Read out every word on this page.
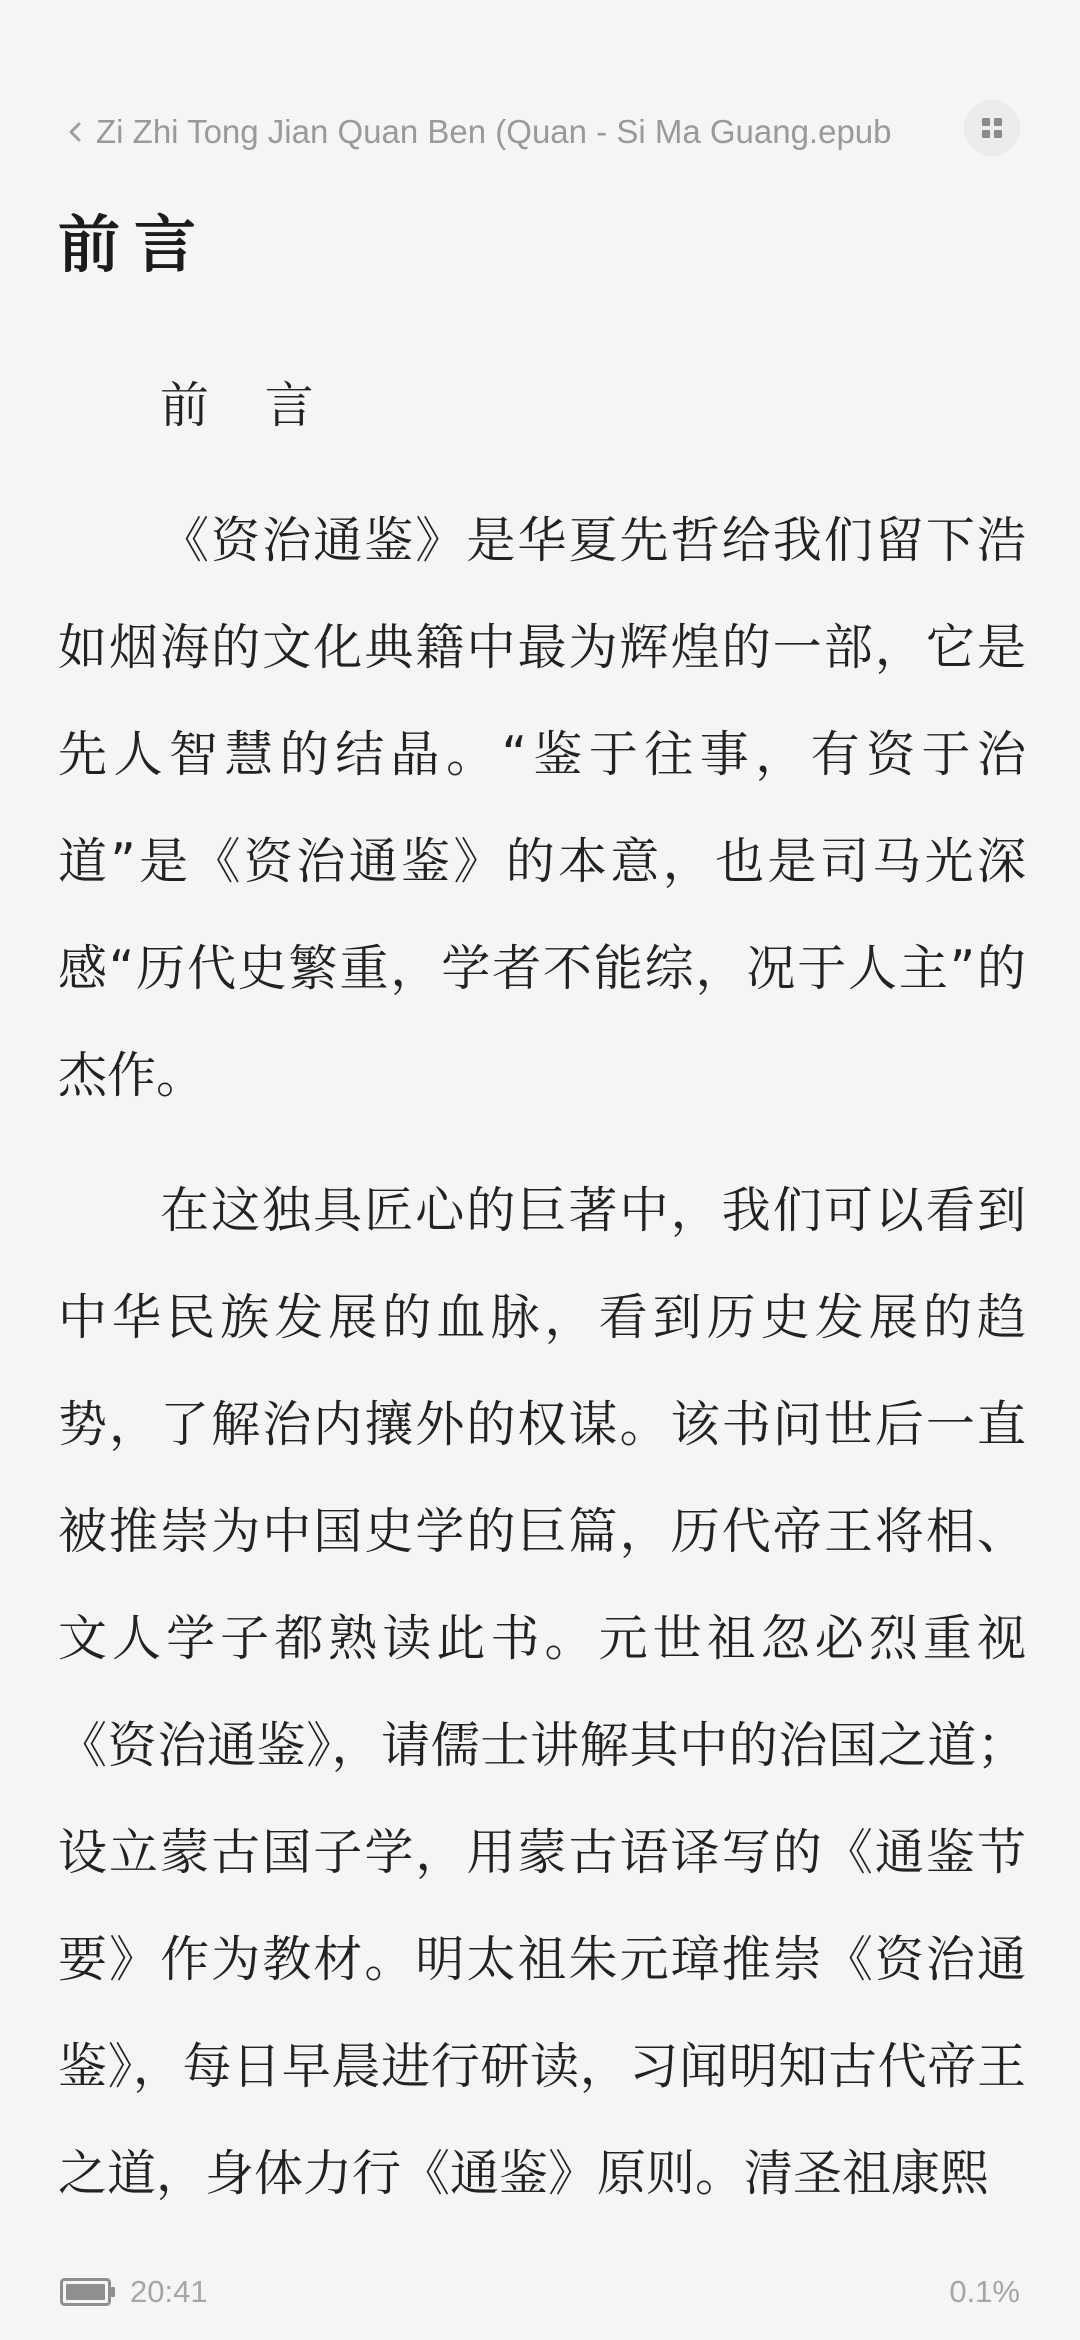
Zi Zhi Tong Jian Quan Ben (Quan - Si Ma Guang.epub
前言
前 言

《资治通鉴》是华夏先哲给我们留下浩如烟海的文化典籍中最为辉煌的一部，它是先人智慧的结晶。“鉴于往事，有资于治道”是《资治通鉴》的本意，也是司马光深感“历代史繁重，学者不能综，况于人主”的杰作。

在这独具匠心的巨著中，我们可以看到中华民族发展的血脉，看到历史发展的趋势，了解治内攘外的权谋。该书问世后一直被推崇为中国史学的巨篇，历代帝王将相、文人学子都熟读此书。元世祖忽必烈重视《资治通鉴》，请儒士讲解其中的治国之道；设立蒙古国子学，用蒙古语译写的《通鉴节要》作为教材。明太祖朱元璋推崇《资治通鉴》，每日早晨进行研读，习闻明知古代帝王之道，身体力行《通鉴》原则。清圣祖康熙

20:41	0.1%
